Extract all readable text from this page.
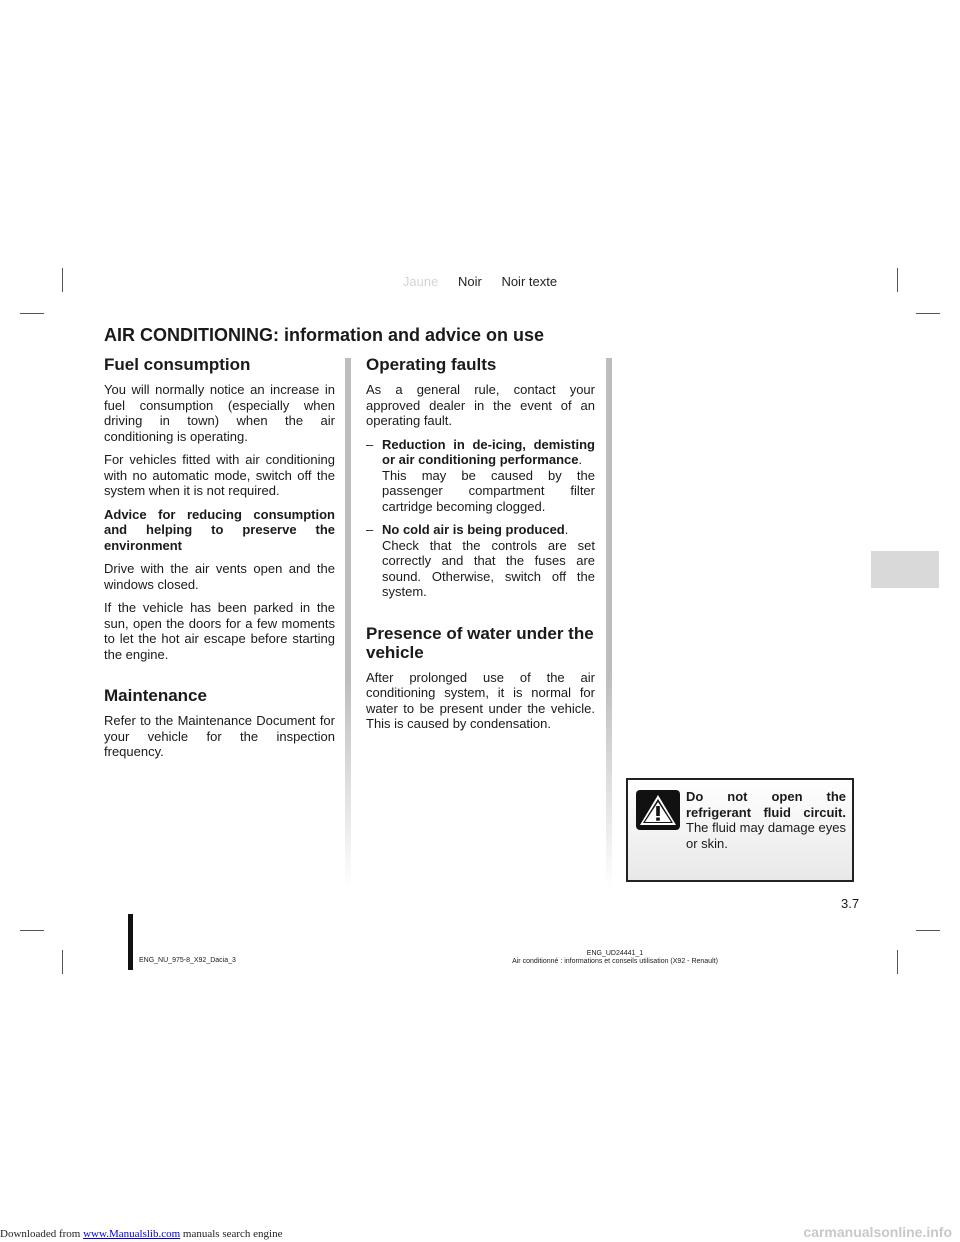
Jaune Noir Noir texte
AIR CONDITIONING: information and advice on use
Fuel consumption

You will normally notice an increase in fuel consumption (especially when driving in town) when the air conditioning is operating.

For vehicles fitted with air conditioning with no automatic mode, switch off the system when it is not required.

Advice for reducing consumption and helping to preserve the environment

Drive with the air vents open and the windows closed.

If the vehicle has been parked in the sun, open the doors for a few moments to let the hot air escape before starting the engine.

Maintenance

Refer to the Maintenance Document for your vehicle for the inspection frequency.

Operating faults

As a general rule, contact your approved dealer in the event of an operating fault.

– Reduction in de-icing, demisting or air conditioning performance.
This may be caused by the passenger compartment filter cartridge becoming clogged.
– No cold air is being produced.
Check that the controls are set correctly and that the fuses are sound. Otherwise, switch off the system.
Presence of water under the vehicle

After prolonged use of the air conditioning system, it is normal for water to be present under the vehicle. This is caused by condensation.

Do not open the refrigerant fluid circuit. The fluid may damage eyes or skin.
3.7
ENG_NU_975-8_X92_Dacia_3
ENG_UD24441_1
Air conditionné : informations et conseils utilisation (X92 - Renault)
Downloaded from www.Manualslib.com manuals search engine	carmanualsonline.info
